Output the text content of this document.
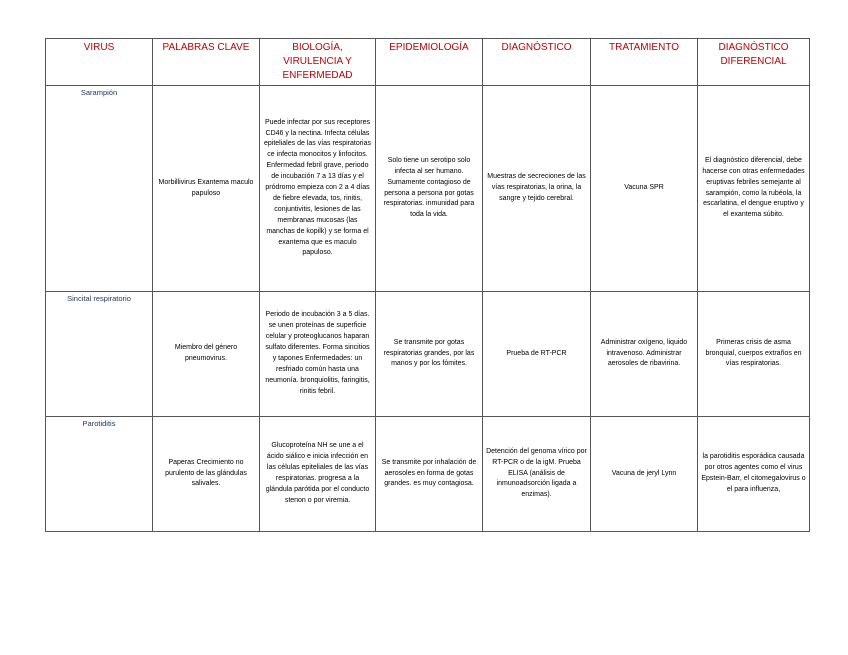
VIRUS	PALABRAS CLAVE	BIOLOGÍA, VIRULENCIA Y ENFERMEDAD	EPIDEMIOLOGÍA	DIAGNÓSTICO	TRATAMIENTO	DIAGNÓSTICO DIFERENCIAL
Sarampión	Morbillivirus Exantema maculo papuloso	Puede infectar por sus receptores CD46 y la nectina. Infecta células epiteliales de las vías respiratorias ce infecta monocitos y linfocitos. Enfermedad febril grave, periodo de incubación 7 a 13 días y el pródromo empieza con 2 a 4 días de fiebre elevada, tos, rinitis, conjuntivitis, lesiones de las membranas mucosas (las manchas de kopilk) y se forma el exantema que es maculo papuloso.	Solo tiene un serotipo solo infecta al ser humano. Sumamente contagioso de persona a persona por gotas respiratorias. inmunidad para toda la vida.	Muestras de secreciones de las vías respiratorias, la orina, la sangre y tejido cerebral.	Vacuna SPR	El diagnóstico diferencial, debe hacerse con otras enfermedades eruptivas febriles semejante al sarampión, como la rubéola, la escarlatina, el dengue eruptivo y el exantema súbito.
Sincital respiratorio	Miembro del género pneumovirus.	Periodo de incubación 3 a 5 días. se unen proteínas de superficie celular y proteoglucanos haparan sulfato diferentes. Forma sincitios y tapones Enfermedades: un resfriado común hasta una neumonía. bronquiolitis, faringitis, rinitis febril.	Se transmite por gotas respiratorias grandes, por las manos y por los fómites.	Prueba de RT-PCR	Administrar oxígeno, liquido intravenoso. Administrar aerosoles de ribavirina.	Primeras crisis de asma bronquial, cuerpos extraños en vías respiratorias.
Parotiditis	Paperas Crecimiento no purulento de las glándulas salivales.	Glucoproteína NH se une a el ácido siálico e inicia infección en las células epiteliales de las vías respiratorias. progresa a la glándula parótida por el conducto stenon o por viremia.	Se transmite por inhalación de aerosoles en forma de gotas grandes. es muy contagiosa.	Detención del genoma vírico por RT-PCR o de la igM. Prueba ELISA (análisis de inmunoadsorción ligada a enzimas).	Vacuna de jeryl Lynn	la parotiditis esporádica causada por otros agentes como el virus Epstein-Barr, el citomegalovirus o el para influenza,
